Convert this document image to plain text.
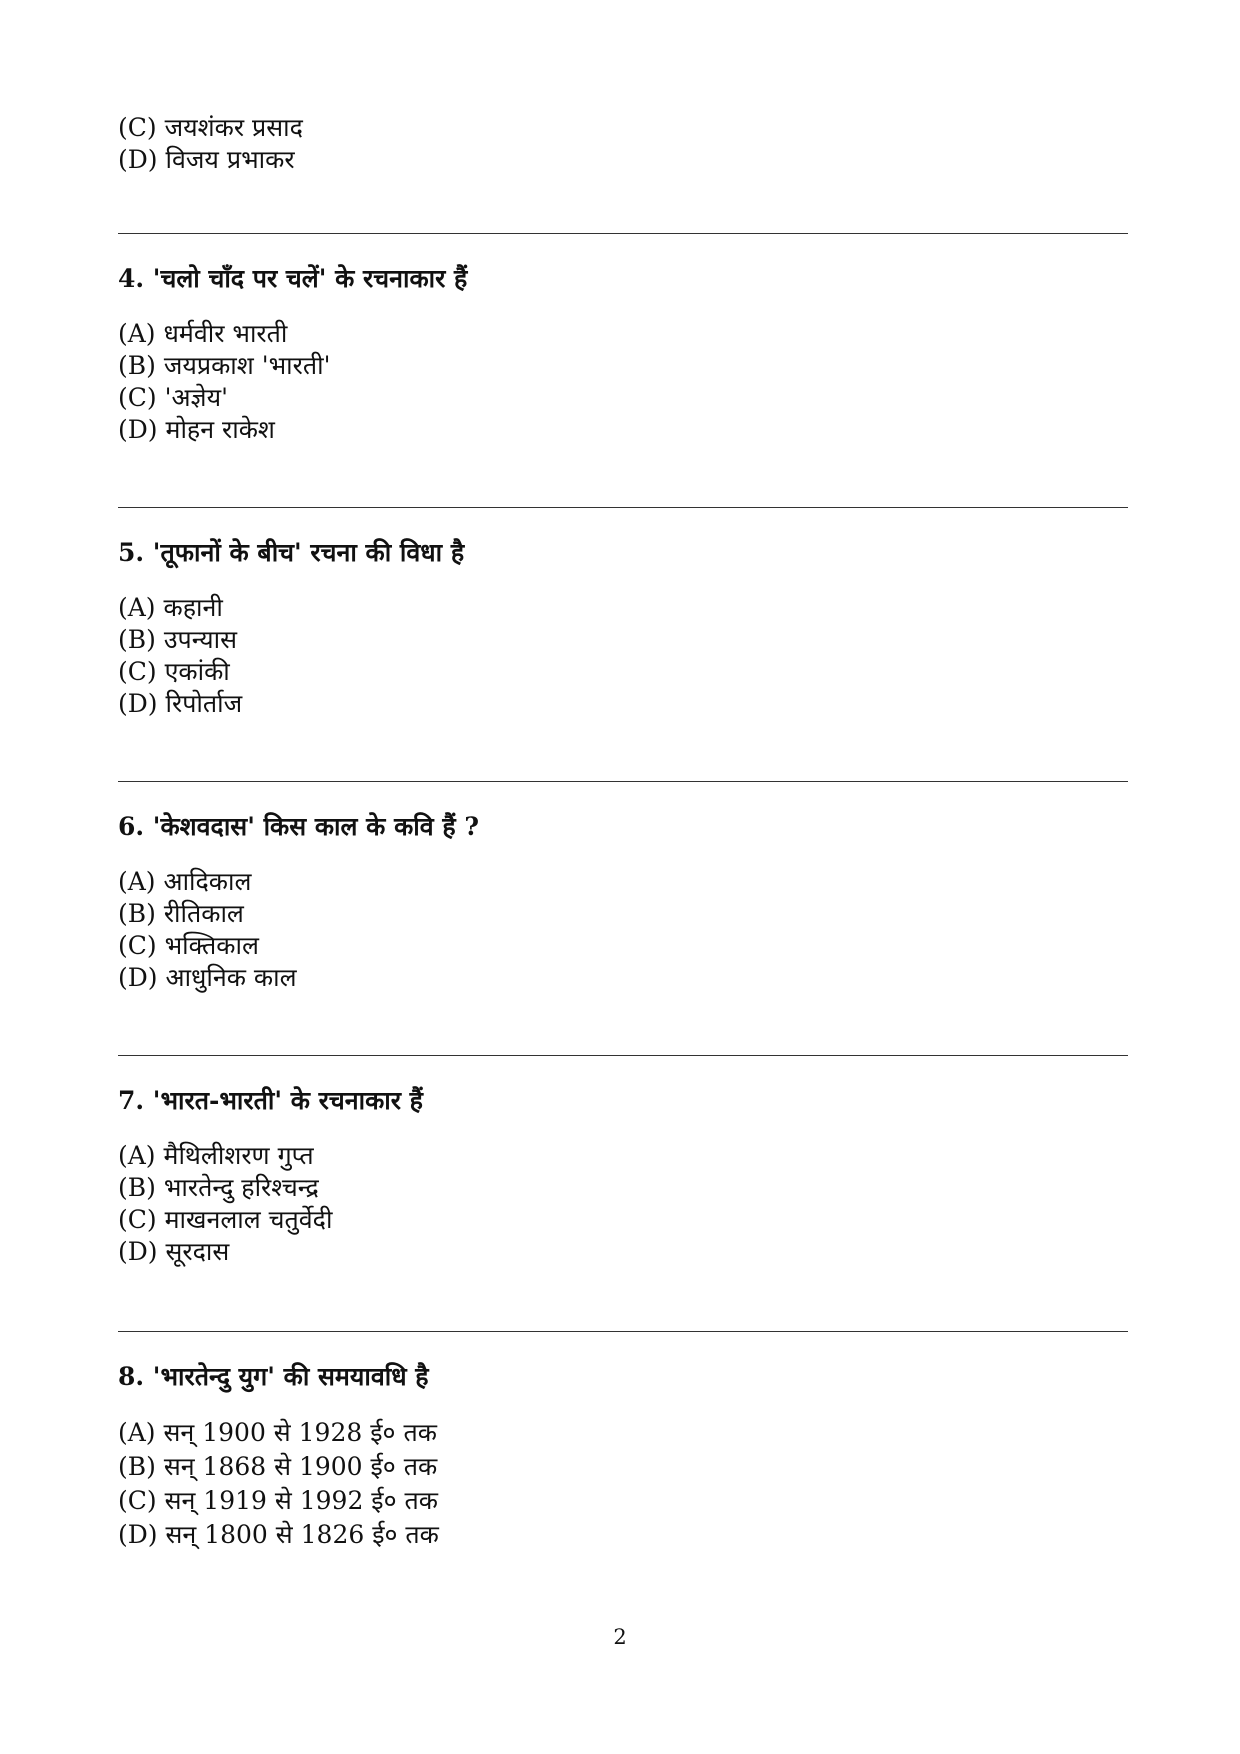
(C) जयशंकर प्रसाद
(D) विजय प्रभाकर
4. 'चलो चाँद पर चलें' के रचनाकार हैं
(A) धर्मवीर भारती
(B) जयप्रकाश 'भारती'
(C) 'अज्ञेय'
(D) मोहन राकेश
5. 'तूफानों के बीच' रचना की विधा है
(A) कहानी
(B) उपन्यास
(C) एकांकी
(D) रिपोर्ताज
6. 'केशवदास' किस काल के कवि हैं ?
(A) आदिकाल
(B) रीतिकाल
(C) भक्तिकाल
(D) आधुनिक काल
7. 'भारत-भारती' के रचनाकार हैं
(A) मैथिलीशरण गुप्त
(B) भारतेन्दु हरिश्चन्द्र
(C) माखनलाल चतुर्वेदी
(D) सूरदास
8. 'भारतेन्दु युग' की समयावधि है
(A) सन् 1900 से 1928 ई० तक
(B) सन् 1868 से 1900 ई० तक
(C) सन् 1919 से 1992 ई० तक
(D) सन् 1800 से 1826 ई० तक
2
